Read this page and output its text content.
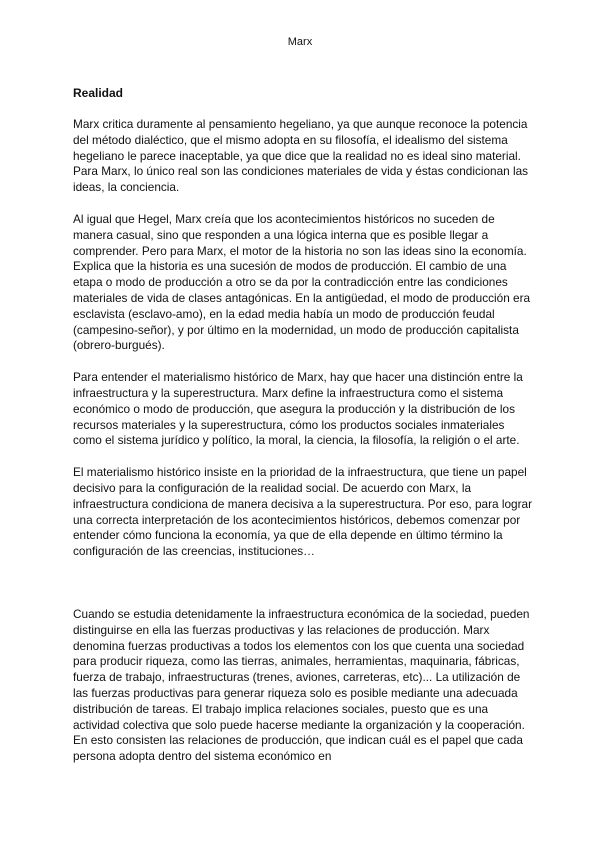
Marx
Realidad

Marx critica duramente al pensamiento hegeliano, ya que aunque reconoce la potencia del método dialéctico, que el mismo adopta en su filosofía, el idealismo del sistema hegeliano le parece inaceptable, ya que dice que la realidad no es ideal sino material. Para Marx, lo único real son las condiciones materiales de vida y éstas condicionan las ideas, la conciencia.

Al igual que Hegel, Marx creía que los acontecimientos históricos no suceden de manera casual, sino que responden a una lógica interna que es posible llegar a comprender. Pero para Marx, el motor de la historia no son las ideas sino la economía. Explica que la historia es una sucesión de modos de producción. El cambio de una etapa o modo de producción a otro se da por la contradicción entre las condiciones materiales de vida de clases antagónicas. En la antigüedad, el modo de producción era esclavista (esclavo-amo), en la edad media había un modo de producción feudal (campesino-señor), y por último en la modernidad, un modo de producción capitalista (obrero-burgués).

Para entender el materialismo histórico de Marx, hay que hacer una distinción entre la infraestructura y la superestructura. Marx define la infraestructura como el sistema económico o modo de producción, que asegura la producción y la distribución de los recursos materiales y la superestructura, cómo los productos sociales inmateriales como el sistema jurídico y político, la moral, la ciencia, la filosofía, la religión o el arte.

El materialismo histórico insiste en la prioridad de la infraestructura, que tiene un papel decisivo para la configuración de la realidad social. De acuerdo con Marx, la infraestructura condiciona de manera decisiva a la superestructura. Por eso, para lograr una correcta interpretación de los acontecimientos históricos, debemos comenzar por entender cómo funciona la economía, ya que de ella depende en último término la configuración de las creencias, instituciones…

Cuando se estudia detenidamente la infraestructura económica de la sociedad, pueden distinguirse en ella las fuerzas productivas y las relaciones de producción. Marx denomina fuerzas productivas a todos los elementos con los que cuenta una sociedad para producir riqueza, como las tierras, animales, herramientas, maquinaria, fábricas, fuerza de trabajo, infraestructuras (trenes, aviones, carreteras, etc)... La utilización de las fuerzas productivas para generar riqueza solo es posible mediante una adecuada distribución de tareas. El trabajo implica relaciones sociales, puesto que es una actividad colectiva que solo puede hacerse mediante la organización y la cooperación. En esto consisten las relaciones de producción, que indican cuál es el papel que cada persona adopta dentro del sistema económico en
